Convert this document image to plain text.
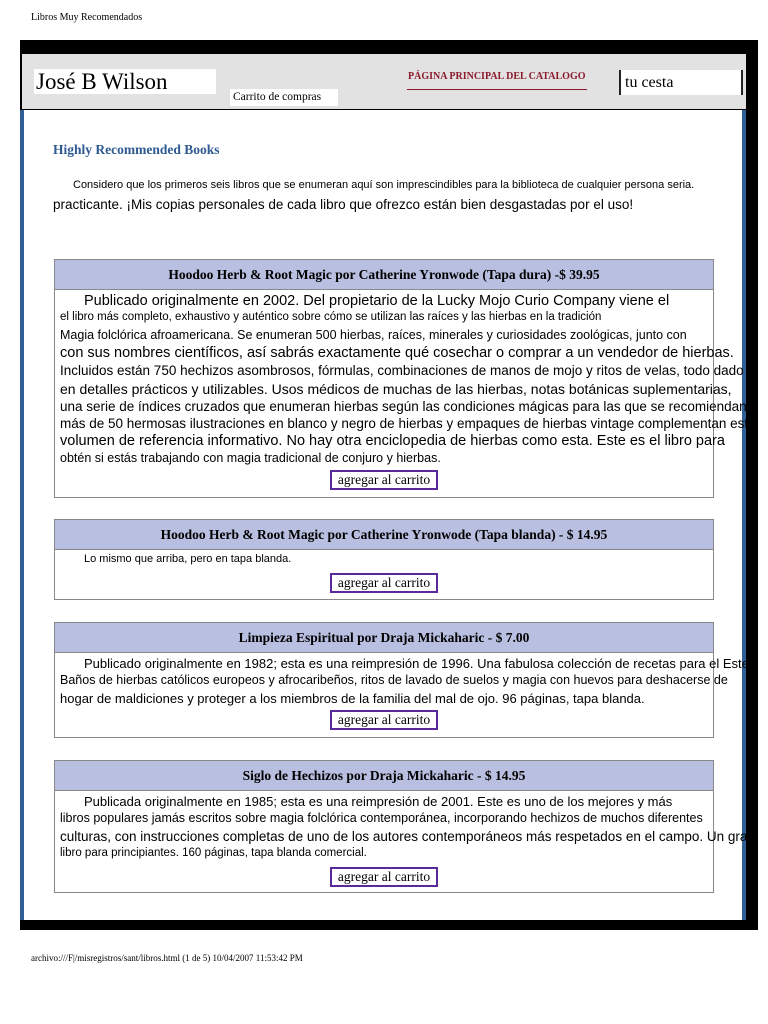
Libros Muy Recomendados
José B Wilson
Carrito de compras
PÁGINA PRINCIPAL DEL CATALOGO	tu cesta
Highly Recommended Books
Considero que los primeros seis libros que se enumeran aquí son imprescindibles para la biblioteca de cualquier persona seria.
practicante. ¡Mis copias personales de cada libro que ofrezco están bien desgastadas por el uso!
Hoodoo Herb & Root Magic por Catherine Yronwode (Tapa dura) -$ 39.95
Publicado originalmente en 2002. Del propietario de la Lucky Mojo Curio Company viene el
el libro más completo, exhaustivo y auténtico sobre cómo se utilizan las raíces y las hierbas en la tradición
Magia folclórica afroamericana. Se enumeran 500 hierbas, raíces, minerales y curiosidades zoológicas, junto con
con sus nombres científicos, así sabrás exactamente qué cosechar o comprar a un vendedor de hierbas.
Incluidos están 750 hechizos asombrosos, fórmulas, combinaciones de manos de mojo y ritos de velas, todo dado
en detalles prácticos y utilizables. Usos médicos de muchas de las hierbas, notas botánicas suplementarias,
una serie de índices cruzados que enumeran hierbas según las condiciones mágicas para las que se recomiendan,
más de 50 hermosas ilustraciones en blanco y negro de hierbas y empaques de hierbas vintage complementan este
volumen de referencia informativo. No hay otra enciclopedia de hierbas como esta. Este es el libro para
obtén si estás trabajando con magia tradicional de conjuro y hierbas.
agregar al carrito
Hoodoo Herb & Root Magic por Catherine Yronwode (Tapa blanda) - $ 14.95
Lo mismo que arriba, pero en tapa blanda.
agregar al carrito
Limpieza Espiritual por Draja Mickaharic - $ 7.00
Publicado originalmente en 1982; esta es una reimpresión de 1996. Una fabulosa colección de recetas para el Este
Baños de hierbas católicos europeos y afrocaribeños, ritos de lavado de suelos y magia con huevos para deshacerse de
hogar de maldiciones y proteger a los miembros de la familia del mal de ojo. 96 páginas, tapa blanda.
agregar al carrito
Siglo de Hechizos por Draja Mickaharic - $ 14.95
Publicada originalmente en 1985; esta es una reimpresión de 2001. Este es uno de los mejores y más
libros populares jamás escritos sobre magia folclórica contemporánea, incorporando hechizos de muchos diferentes
culturas, con instrucciones completas de uno de los autores contemporáneos más respetados en el campo. Un gran
libro para principiantes. 160 páginas, tapa blanda comercial.
agregar al carrito
archivo:///F|/misregistros/sant/libros.html (1 de 5) 10/04/2007 11:53:42 PM
